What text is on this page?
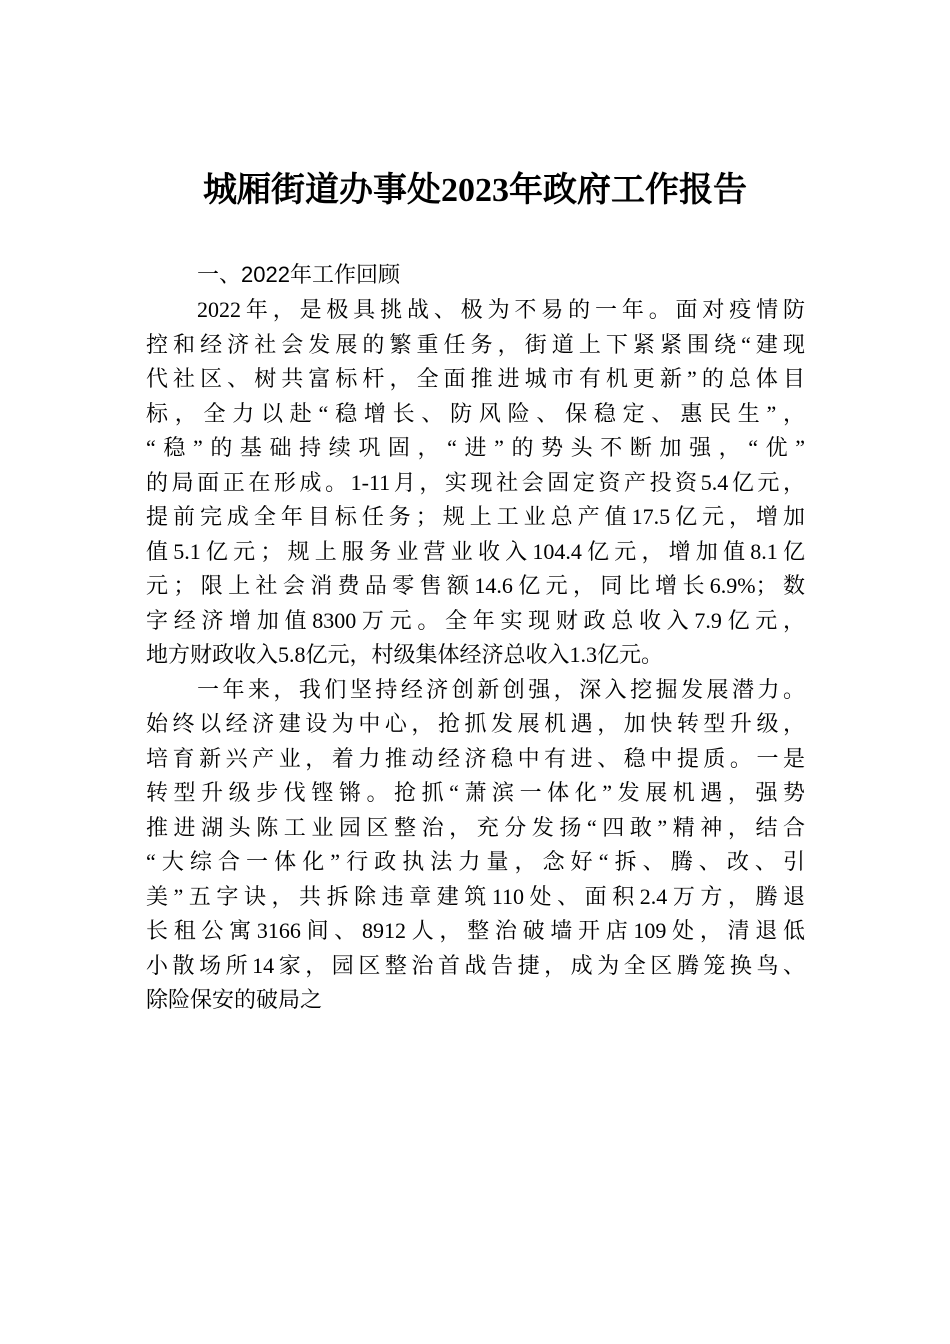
城厢街道办事处2023年政府工作报告
一、2022年工作回顾
2022年，是极具挑战、极为不易的一年。面对疫情防
控和经济社会发展的繁重任务，街道上下紧紧围绕“建现
代社区、树共富标杆，全面推进城市有机更新”的总体目
标，全力以赴“稳增长、防风险、保稳定、惠民生”，
“稳”的基础持续巩固，“进”的势头不断加强，“优”
的局面正在形成。1-11月，实现社会固定资产投资5.4亿元，
提前完成全年目标任务；规上工业总产值17.5亿元，增加
值5.1亿元；规上服务业营业收入104.4亿元，增加值8.1亿
元；限上社会消费品零售额14.6亿元，同比增长6.9%；数
字经济增加值8300万元。全年实现财政总收入7.9亿元，
地方财政收入5.8亿元，村级集体经济总收入1.3亿元。
一年来，我们坚持经济创新创强，深入挖掘发展潜力。
始终以经济建设为中心，抢抓发展机遇，加快转型升级，
培育新兴产业，着力推动经济稳中有进、稳中提质。一是
转型升级步伐铿锵。抢抓“萧滨一体化”发展机遇，强势
推进湖头陈工业园区整治，充分发扬“四敢”精神，结合
“大综合一体化”行政执法力量，念好“拆、腾、改、引
美”五字诀，共拆除违章建筑110处、面积2.4万方，腾退
长租公寓3166间、8912人，整治破墙开店109处，清退低
小散场所14家，园区整治首战告捷，成为全区腾笼换鸟、
除险保安的破局之
